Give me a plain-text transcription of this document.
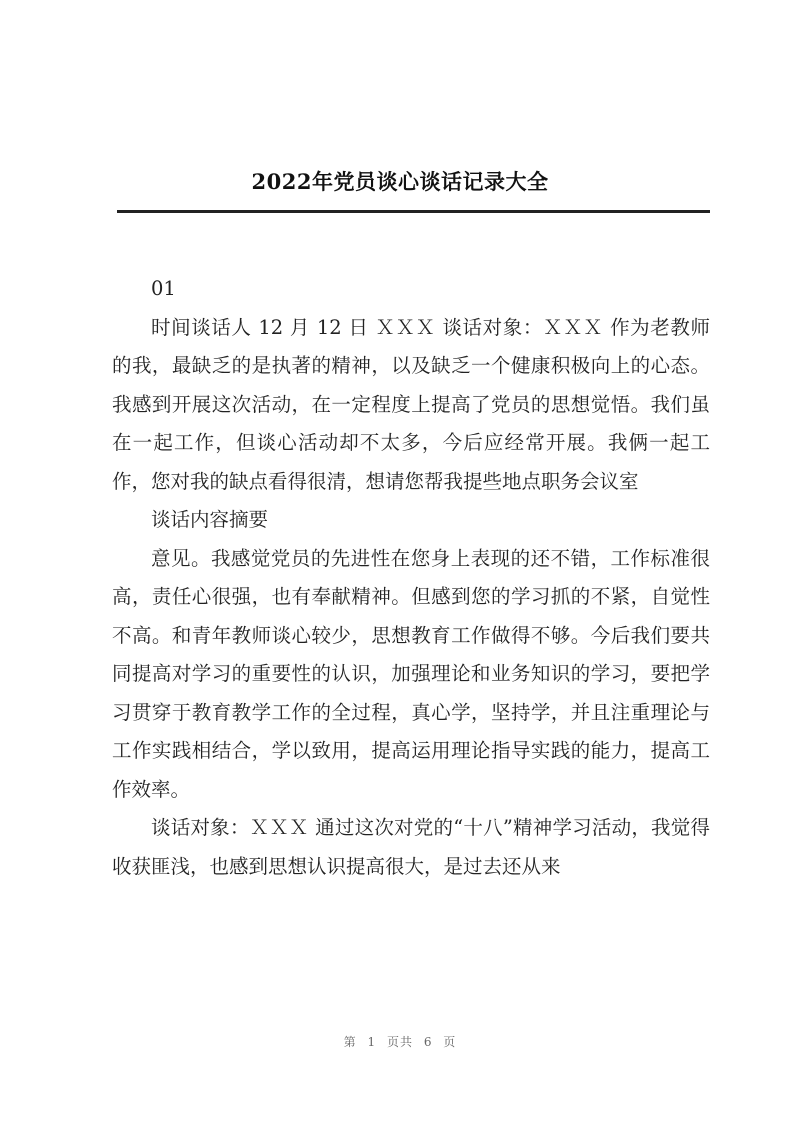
2022年党员谈心谈话记录大全

01

时间谈话人 12 月 12 日 ＸＸＸ 谈话对象：ＸＸＸ 作为老教师的我，最缺乏的是执著的精神，以及缺乏一个健康积极向上的心态。我感到开展这次活动，在一定程度上提高了党员的思想觉悟。我们虽在一起工作，但谈心活动却不太多，今后应经常开展。我俩一起工作，您对我的缺点看得很清，想请您帮我提些地点职务会议室

谈话内容摘要

意见。我感觉党员的先进性在您身上表现的还不错，工作标准很高，责任心很强，也有奉献精神。但感到您的学习抓的不紧，自觉性不高。和青年教师谈心较少，思想教育工作做得不够。今后我们要共同提高对学习的重要性的认识，加强理论和业务知识的学习，要把学习贯穿于教育教学工作的全过程，真心学，坚持学，并且注重理论与工作实践相结合，学以致用，提高运用理论指导实践的能力，提高工作效率。

谈话对象：ＸＸＸ 通过这次对党的“十八”精神学习活动，我觉得收获匪浅，也感到思想认识提高很大，是过去还从来

第 1 页共 6 页
